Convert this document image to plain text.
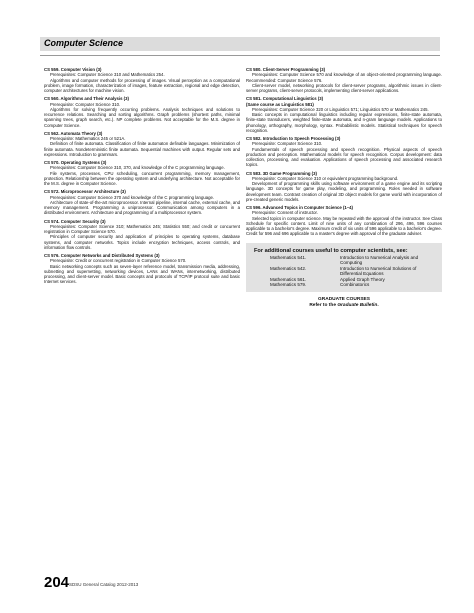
Computer Science
CS 559. Computer Vision (3)

Prerequisites: Computer Science 310 and Mathematics 254.

Algorithms and computer methods for processing of images. Visual perception as a computational problem, image formation, characterization of images, feature extraction, regional and edge detection, computer architectures for machine vision.

CS 560. Algorithms and Their Analysis (3)

Prerequisite: Computer Science 310.

Algorithms for solving frequently occurring problems. Analysis techniques and solutions to recurrence relations. Searching and sorting algorithms. Graph problems (shortest paths, minimal spanning trees, graph search, etc.). NP complete problems. Not acceptable for the M.S. degree in Computer Science.

CS 562. Automata Theory (3)

Prerequisite: Mathematics 245 or 521A.

Definition of finite automata. Classification of finite automaton definable languages. Minimization of finite automata. Nondeterministic finite automata. Sequential machines with output. Regular sets and expressions. Introduction to grammars.

CS 570. Operating Systems (3)

Prerequisites: Computer Science 310, 370, and knowledge of the C programming language.

File systems, processes, CPU scheduling, concurrent programming, memory management, protection. Relationship between the operating system and underlying architecture. Not acceptable for the M.S. degree in Computer Science.

CS 572. Microprocessor Architecture (3)

Prerequisites: Computer Science 370 and knowledge of the C programming language.

Architecture of state-of-the-art microprocessor. Internal pipeline, internal cache, external cache, and memory management. Programming a uniprocessor. Communication among computers in a distributed environment. Architecture and programming of a multiprocessor system.

CS 574. Computer Security (3)

Prerequisites: Computer Science 310; Mathematics 245; Statistics 550; and credit or concurrent registration in Computer Science 570.

Principles of computer security and application of principles to operating systems, database systems, and computer networks. Topics include encryption techniques, access controls, and information flow controls.

CS 576. Computer Networks and Distributed Systems (3)

Prerequisite: Credit or concurrent registration in Computer Science 570.

Basic networking concepts such as seven-layer reference model, transmission media, addressing, subnetting and supernetting, networking devices, LANs and WANs, internetworking, distributed processing, and client-server model. Basic concepts and protocols of TCP/IP protocol suite and basic Internet services.

CS 580. Client-Server Programming (3)

Prerequisites: Computer Science 570 and knowledge of an object-oriented programming language. Recommended: Computer Science 576.

Client-server model, networking protocols for client-server programs, algorithmic issues in client-server programs, client-server protocols, implementing client-server applications.

CS 581. Computational Linguistics (3)
(Same course as Linguistics 581)

Prerequisites: Computer Science 320 or Linguistics 571; Linguistics 570 or Mathematics 245.

Basic concepts in computational linguistics including regular expressions, finite-state automata, finite-state transducers, weighted finite-state automata, and n-gram language models. Applications to phonology, orthography, morphology, syntax. Probabilistic models. Statistical techniques for speech recognition.

CS 582. Introduction to Speech Processing (3)

Prerequisite: Computer Science 310.

Fundamentals of speech processing and speech recognition. Physical aspects of speech production and perception. Mathematical models for speech recognition. Corpus development: data collection, processing, and evaluation. Applications of speech processing and associated research topics.

CS 583. 3D Game Programming (3)

Prerequisite: Computer Science 310 or equivalent programming background.

Development of programming skills using software environment of a game engine and its scripting language. 3D concepts for game play, modeling, and programming. Roles needed in software development team. Contrast creation of original 3D object models for game world with incorporation of pre-created generic models.

CS 596. Advanced Topics in Computer Science (1–4)

Prerequisite: Consent of instructor.

Selected topics in computer science. May be repeated with the approval of the instructor. See Class Schedule for specific content. Limit of nine units of any combination of 296, 496, 596 courses applicable to a bachelor's degree. Maximum credit of six units of 596 applicable to a bachelor's degree. Credit for 596 and 696 applicable to a master's degree with approval of the graduate adviser.

For additional courses useful to computer scientists, see:
Mathematics 541.	Introduction to Numerical Analysis and Computing
Mathematics 542.	Introduction to Numerical Solutions of Differential Equations
Mathematics 561.	Applied Graph Theory
Mathematics 579.	Combinatorics
GRADUATE COURSES
Refer to the Graduate Bulletin.
204 SDSU General Catalog 2012-2013
